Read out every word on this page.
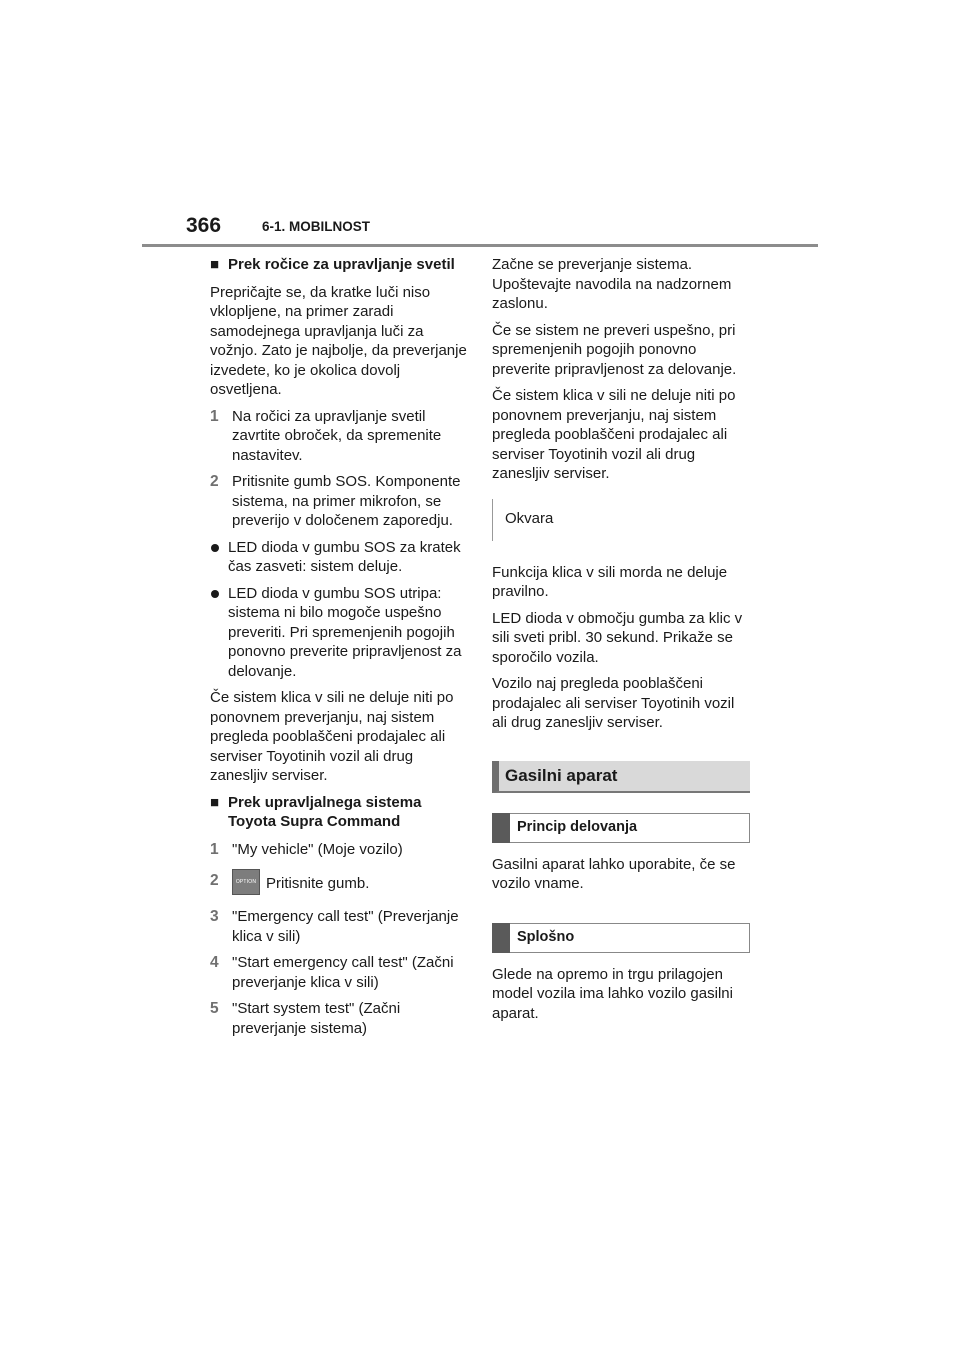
366	6-1. MOBILNOST
■ Prek ročice za upravljanje svetil

Prepričajte se, da kratke luči niso vklopljene, na primer zaradi samodejnega upravljanja luči za vožnjo. Zato je najbolje, da preverjanje izvedete, ko je okolica dovolj osvetljena.

1 Na ročici za upravljanje svetil zavrtite obroček, da spremenite nastavitev.
2 Pritisnite gumb SOS. Komponente sistema, na primer mikrofon, se preverijo v določenem zaporedju.
LED dioda v gumbu SOS za kratek čas zasveti: sistem deluje.
LED dioda v gumbu SOS utripa: sistema ni bilo mogoče uspešno preveriti. Pri spremenjenih pogojih ponovno preverite pripravljenost za delovanje.

Če sistem klica v sili ne deluje niti po ponovnem preverjanju, naj sistem pregleda pooblaščeni prodajalec ali serviser Toyotinih vozil ali drug zanesljiv serviser.

■ Prek upravljalnega sistema Toyota Supra Command
1 "My vehicle" (Moje vozilo)
2	OPTION Pritisnite gumb.
3 "Emergency call test" (Preverjanje klica v sili)
4 "Start emergency call test" (Začni preverjanje klica v sili)
5 "Start system test" (Začni preverjanje sistema)

Začne se preverjanje sistema. Upoštevajte navodila na nadzornem zaslonu.

Če se sistem ne preveri uspešno, pri spremenjenih pogojih ponovno preverite pripravljenost za delovanje.

Če sistem klica v sili ne deluje niti po ponovnem preverjanju, naj sistem pregleda pooblaščeni prodajalec ali serviser Toyotinih vozil ali drug zanesljiv serviser.

Okvara

Funkcija klica v sili morda ne deluje pravilno.

LED dioda v območju gumba za klic v sili sveti pribl. 30 sekund. Prikaže se sporočilo vozila.

Vozilo naj pregleda pooblaščeni prodajalec ali serviser Toyotinih vozil ali drug zanesljiv serviser.

Gasilni aparat
Princip delovanja

Gasilni aparat lahko uporabite, če se vozilo vname.

Splošno

Glede na opremo in trgu prilagojen model vozila ima lahko vozilo gasilni aparat.
